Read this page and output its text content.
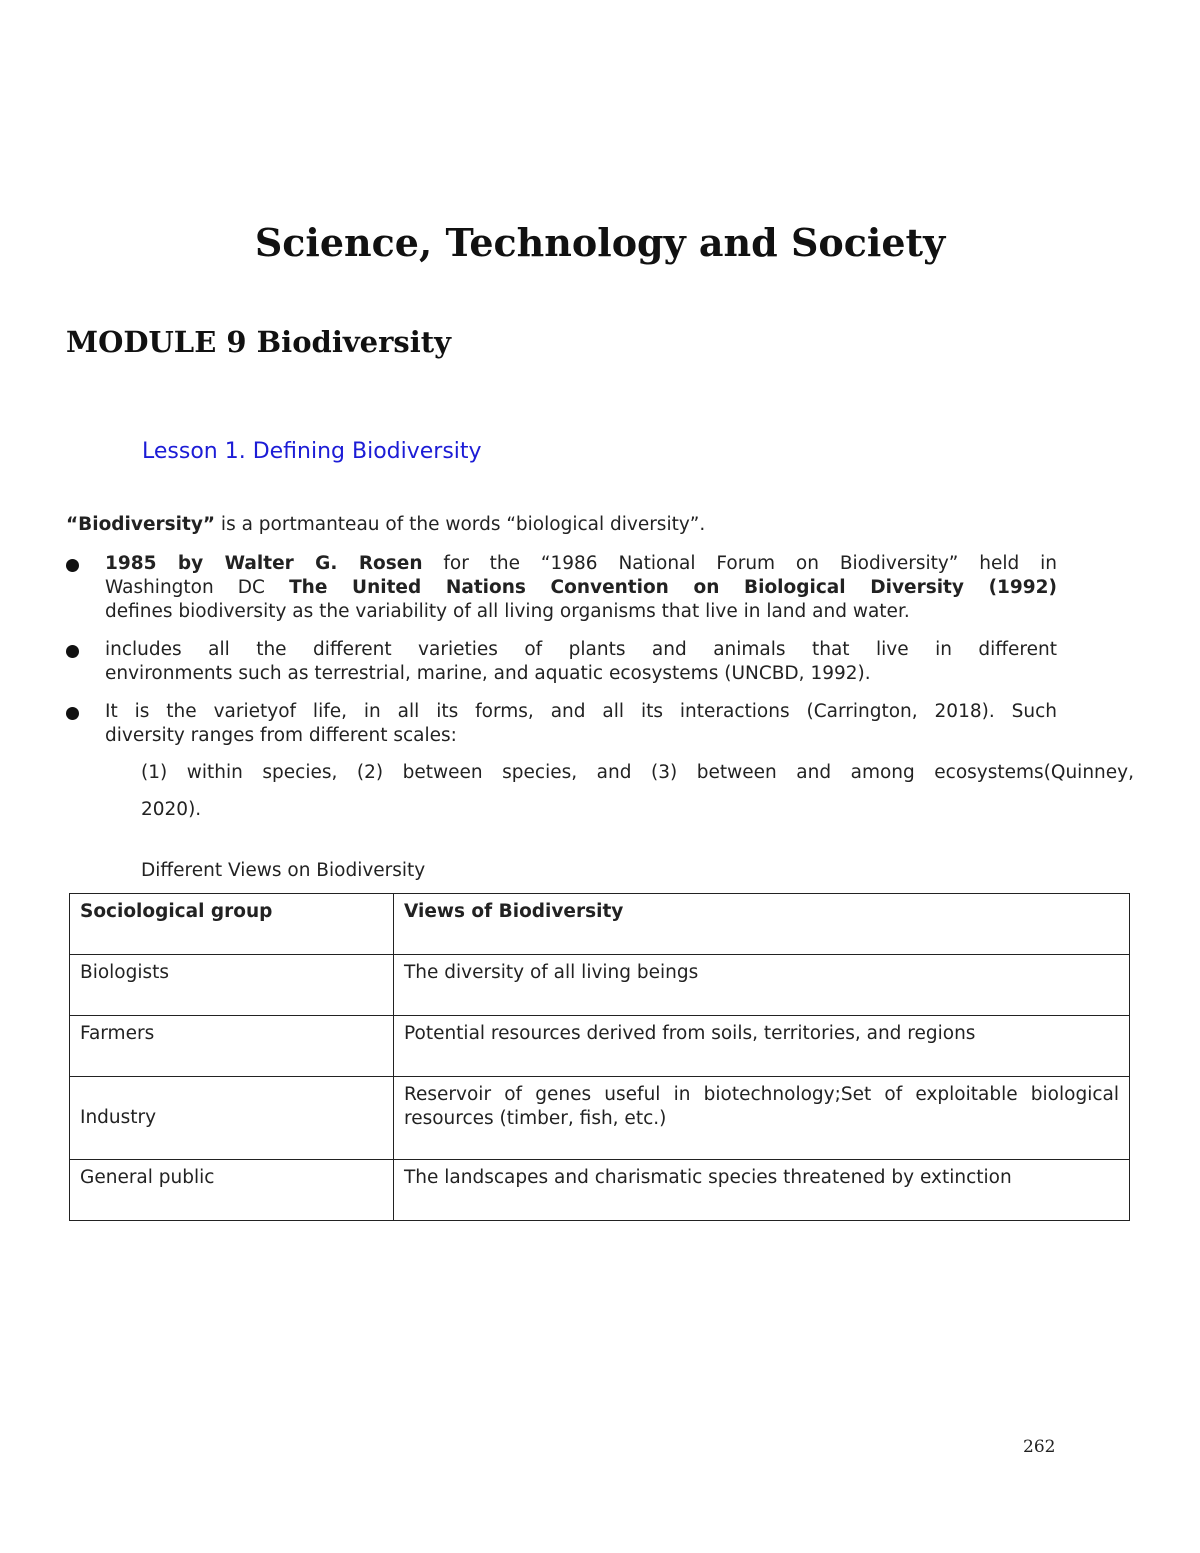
Science, Technology and Society
MODULE 9 Biodiversity
Lesson 1. Defining Biodiversity
“Biodiversity” is a portmanteau of the words “biological diversity”.
1985 by Walter G. Rosen for the “1986 National Forum on Biodiversity” held in
Washington DC The United Nations Convention on Biological Diversity (1992)
defines biodiversity as the variability of all living organisms that live in land and water.
includes all the different varieties of plants and animals that live in different
environments such as terrestrial, marine, and aquatic ecosystems (UNCBD, 1992).
It is the varietyof life, in all its forms, and all its interactions (Carrington, 2018). Such
diversity ranges from different scales:
(1) within species, (2) between species, and (3) between and among ecosystems(Quinney,
2020).
Different Views on Biodiversity
Sociological group	Views of Biodiversity
Biologists	The diversity of all living beings
Farmers	Potential resources derived from soils, territories, and regions
Industry	Reservoir of genes useful in biotechnology;Set of exploitable biological resources (timber, fish, etc.)
General public	The landscapes and charismatic species threatened by extinction
262
